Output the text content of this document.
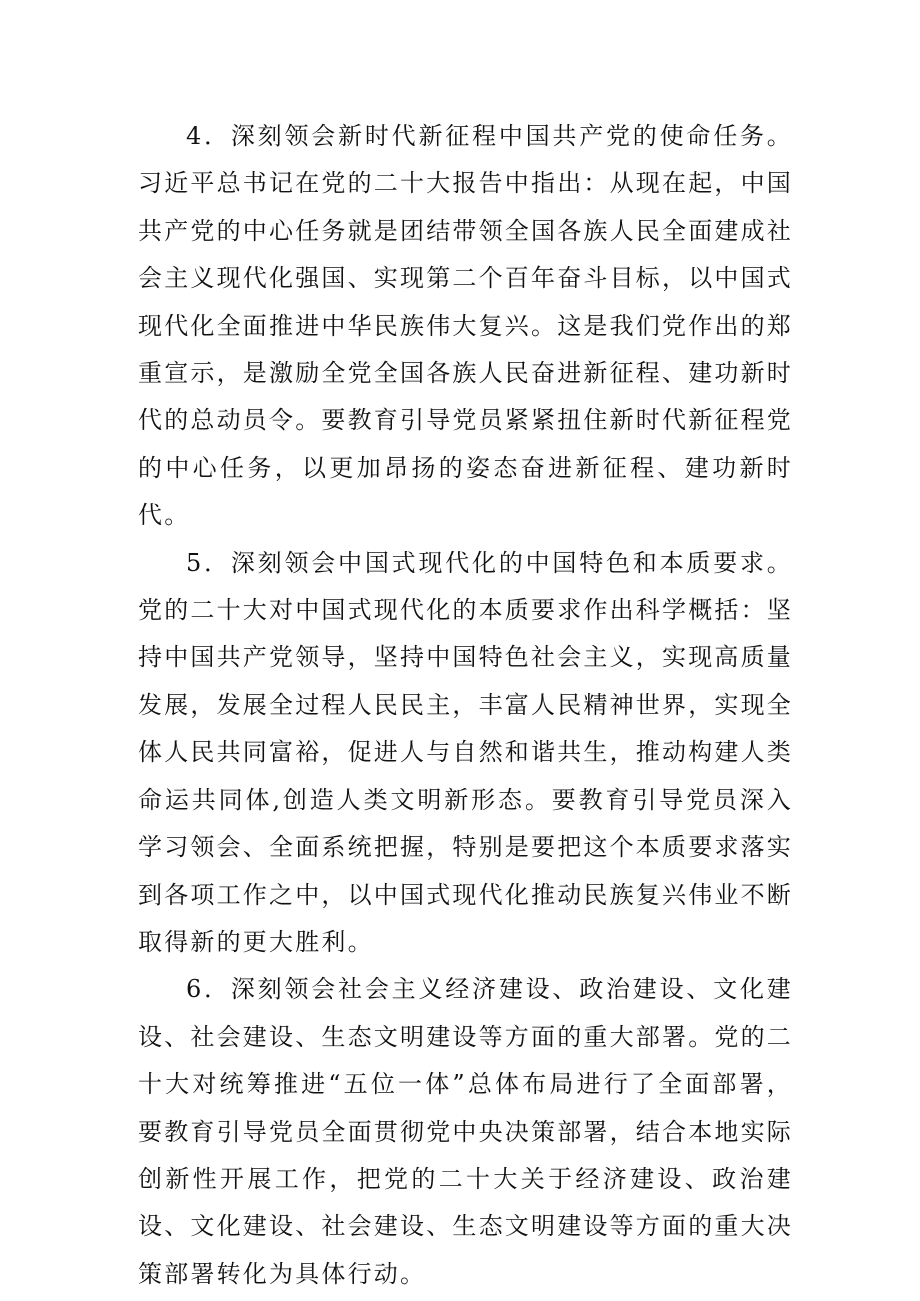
4．深刻领会新时代新征程中国共产党的使命任务。习近平总书记在党的二十大报告中指出：从现在起，中国共产党的中心任务就是团结带领全国各族人民全面建成社会主义现代化强国、实现第二个百年奋斗目标，以中国式现代化全面推进中华民族伟大复兴。这是我们党作出的郑重宣示，是激励全党全国各族人民奋进新征程、建功新时代的总动员令。要教育引导党员紧紧扭住新时代新征程党的中心任务，以更加昂扬的姿态奋进新征程、建功新时代。

5．深刻领会中国式现代化的中国特色和本质要求。党的二十大对中国式现代化的本质要求作出科学概括：坚持中国共产党领导，坚持中国特色社会主义，实现高质量发展，发展全过程人民民主，丰富人民精神世界，实现全体人民共同富裕，促进人与自然和谐共生，推动构建人类命运共同体,创造人类文明新形态。要教育引导党员深入学习领会、全面系统把握，特别是要把这个本质要求落实到各项工作之中，以中国式现代化推动民族复兴伟业不断取得新的更大胜利。

6．深刻领会社会主义经济建设、政治建设、文化建设、社会建设、生态文明建设等方面的重大部署。党的二十大对统筹推进“五位一体”总体布局进行了全面部署，要教育引导党员全面贯彻党中央决策部署，结合本地实际创新性开展工作，把党的二十大关于经济建设、政治建设、文化建设、社会建设、生态文明建设等方面的重大决策部署转化为具体行动。
